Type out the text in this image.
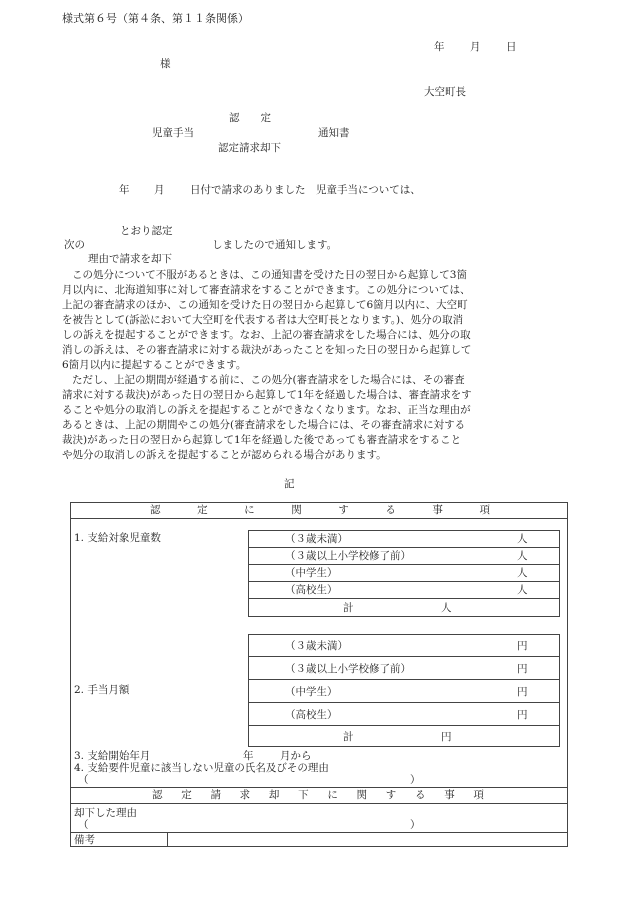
様式第６号（第４条、第１１条関係）
年 月 日
様
大空町長
認　　定
児童手当	通知書
認定請求却下
年 月 日付で請求のありました　児童手当については、
とおり認定
次の	しましたので通知します。
理由で請求を却下
この処分について不服があるときは、この通知書を受けた日の翌日から起算して3箇
月以内に、北海道知事に対して審査請求をすることができます。この処分については、
上記の審査請求のほか、この通知を受けた日の翌日から起算して6箇月以内に、大空町
を被告として(訴訟において大空町を代表する者は大空町長となります。)、処分の取消
しの訴えを提起することができます。なお、上記の審査請求をした場合には、処分の取
消しの訴えは、その審査請求に対する裁決があったことを知った日の翌日から起算して
6箇月以内に提起することができます。
ただし、上記の期間が経過する前に、この処分(審査請求をした場合には、その審査
請求に対する裁決)があった日の翌日から起算して1年を経過した場合は、審査請求をす
ることや処分の取消しの訴えを提起することができなくなります。なお、正当な理由が
あるときは、上記の期間やこの処分(審査請求をした場合には、その審査請求に対する
裁決)があった日の翌日から起算して1年を経過した後であっても審査請求をすること
や処分の取消しの訴えを提起することが認められる場合があります。
記
認	定	に	関	す	る	事	項
1. 支給対象児童数	（３歳未満）	人
（３歳以上小学校修了前）	人
（中学生）	人
（高校生）	人
計	人
2. 手当月額
（３歳未満）	円
（３歳以上小学校修了前）	円
（中学生）	円
（高校生）	円
計	円
3. 支給開始年月	年	月から
4. 支給要件児童に該当しない児童の氏名及びその理由
（	）
認 定 請 求 却 下 に 関 す る 事 項
却下した理由
（	）
備考
